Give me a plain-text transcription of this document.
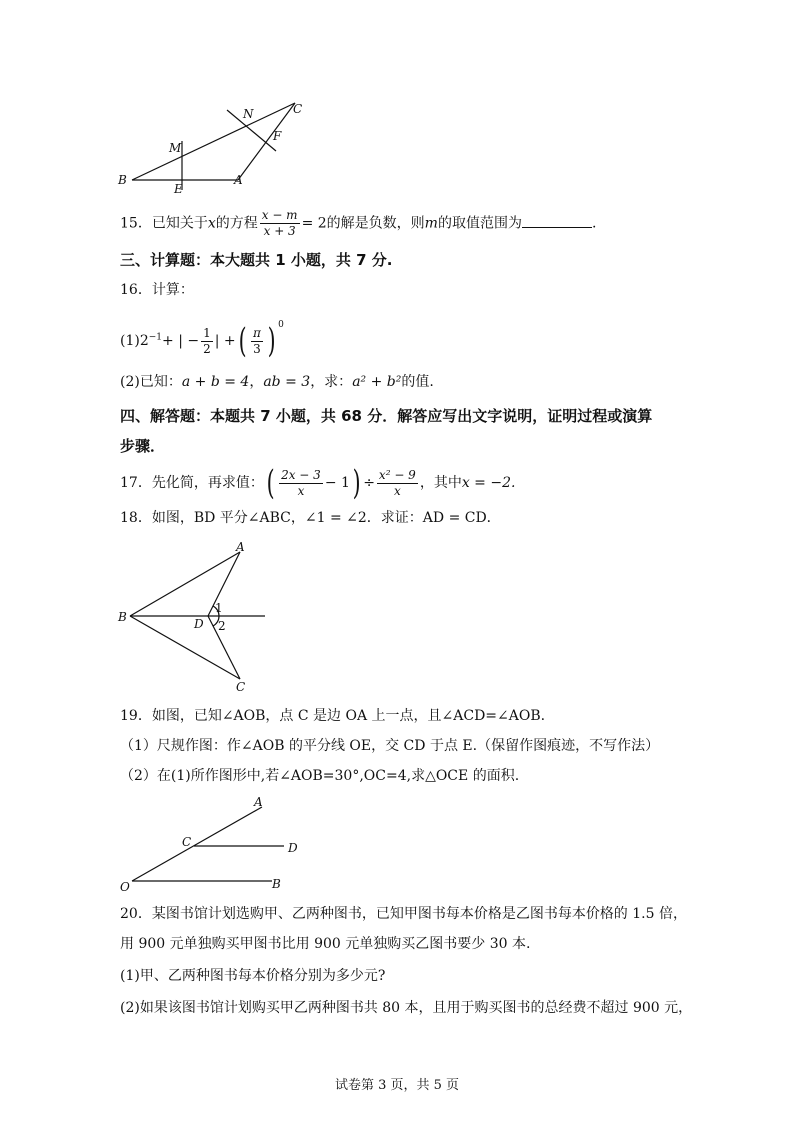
B
E
A
M
N
F
C
15．已知关于x的方程 $\frac{x - m}{x + 3} = 2$的解是负数，则m的取值范围为	.
三、计算题：本大题共 1 小题，共 7 分.
16．计算：
$(1)2^{-1}+$ | − $\frac{1}{2}$ | +( $\frac{\pi}{3}$ ) $^0$
(2)已知：a + b = 4，ab = 3，求：a² + b²的值.
四、解答题：本题共 7 小题，共 68 分．解答应写出文字说明，证明过程或演算
步骤．
17．先化简，再求值：( $\frac{2x - 3}{x} - 1) \div \frac{\text{x² − 9}}{x}$ ，其中x = −2.
18．如图，BD 平分∠ABC，∠1 = ∠2．求证：AD = CD．
A
B
C
D
1
2
19．如图，已知∠AOB，点 C 是边 OA 上一点，且∠ACD=∠AOB.
（1）尺规作图：作∠AOB 的平分线 OE，交 CD 于点 E.（保留作图痕迹，不写作法）
（2）在(1)所作图形中,若∠AOB=30°,OC=4,求△OCE 的面积.
A
C	D
O	B
20．某图书馆计划选购甲、乙两种图书，已知甲图书每本价格是乙图书每本价格的 1.5 倍，
用 900 元单独购买甲图书比用 900 元单独购买乙图书要少 30 本.
(1)甲、乙两种图书每本价格分别为多少元?
(2)如果该图书馆计划购买甲乙两种图书共 80 本，且用于购买图书的总经费不超过 900 元，
试卷第 3 页，共 5 页
